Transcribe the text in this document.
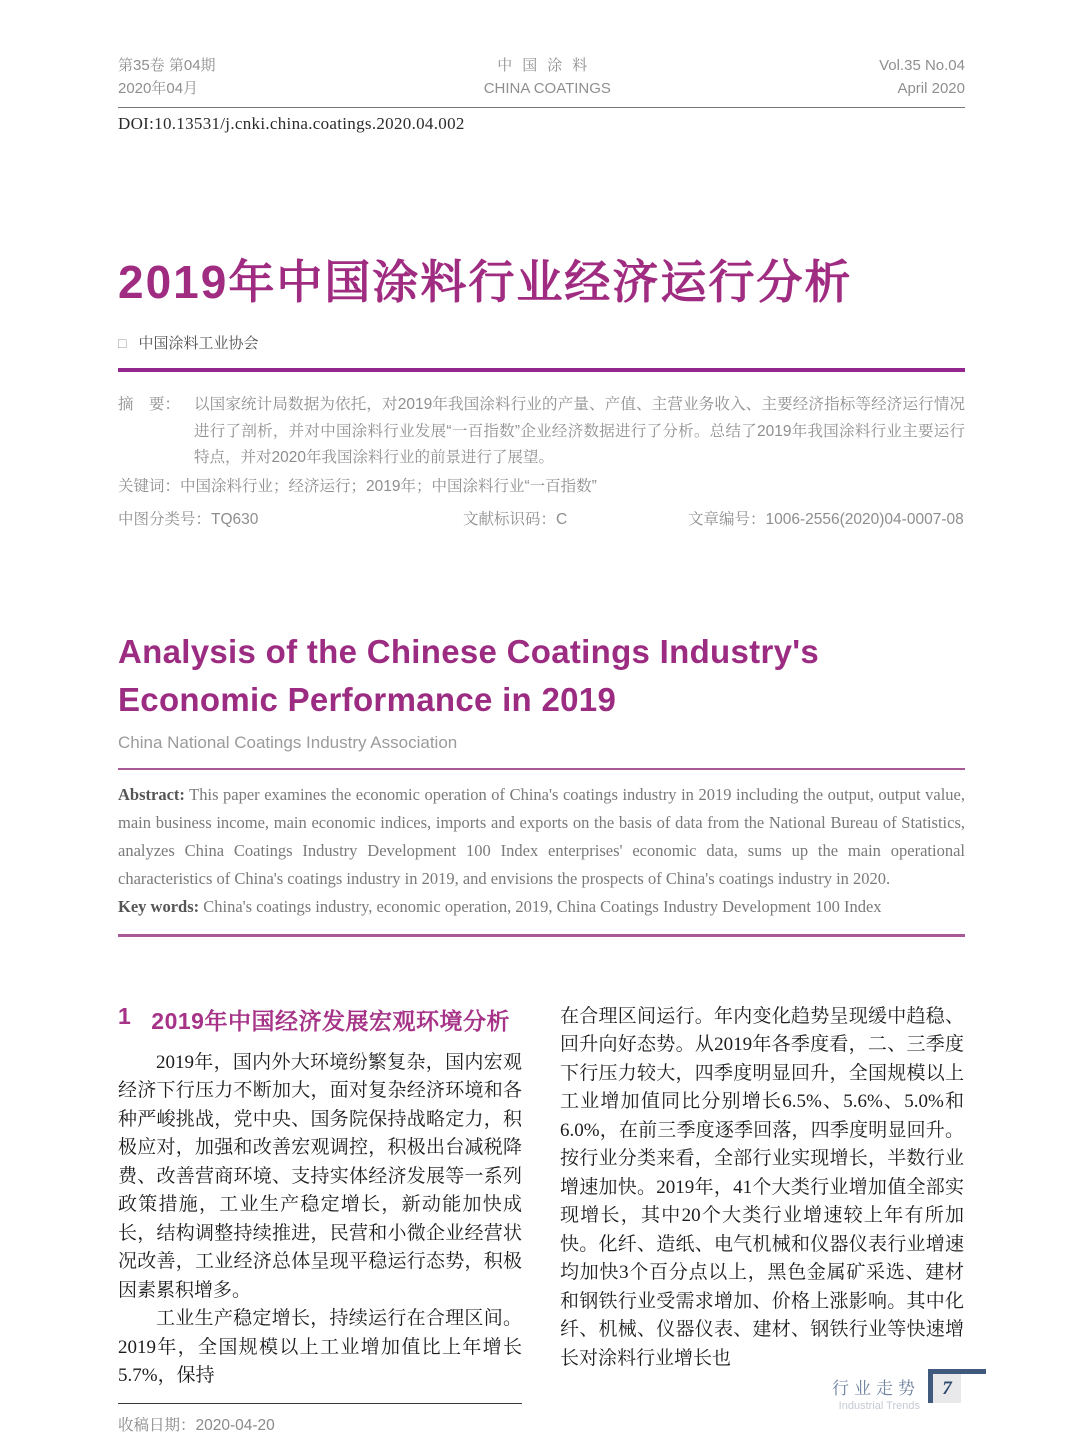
第35卷 第04期
2020年04月
中国涂料
CHINA COATINGS
Vol.35 No.04
April 2020
DOI:10.13531/j.cnki.china.coatings.2020.04.002
2019年中国涂料行业经济运行分析
□ 中国涂料工业协会
摘　要： 以国家统计局数据为依托，对2019年我国涂料行业的产量、产值、主营业务收入、主要经济指标等经济运行情况进行了剖析，并对中国涂料行业发展“一百指数”企业经济数据进行了分析。总结了2019年我国涂料行业主要运行特点，并对2020年我国涂料行业的前景进行了展望。
关键词：中国涂料行业；经济运行；2019年；中国涂料行业“一百指数”
中图分类号：TQ630	文献标识码：C	文章编号：1006-2556(2020)04-0007-08
Analysis of the Chinese Coatings Industry's Economic Performance in 2019
China National Coatings Industry Association

Abstract: This paper examines the economic operation of China's coatings industry in 2019 including the output, output value, main business income, main economic indices, imports and exports on the basis of data from the National Bureau of Statistics, analyzes China Coatings Industry Development 100 Index enterprises' economic data, sums up the main operational characteristics of China's coatings industry in 2019, and envisions the prospects of China's coatings industry in 2020.

Key words: China's coatings industry, economic operation, 2019, China Coatings Industry Development 100 Index

1 2019年中国经济发展宏观环境分析

2019年，国内外大环境纷繁复杂，国内宏观经济下行压力不断加大，面对复杂经济环境和各种严峻挑战，党中央、国务院保持战略定力，积极应对，加强和改善宏观调控，积极出台减税降费、改善营商环境、支持实体经济发展等一系列政策措施，工业生产稳定增长，新动能加快成长，结构调整持续推进，民营和小微企业经营状况改善，工业经济总体呈现平稳运行态势，积极因素累积增多。

工业生产稳定增长，持续运行在合理区间。2019年，全国规模以上工业增加值比上年增长5.7%，保持

收稿日期：2020-04-20

在合理区间运行。年内变化趋势呈现缓中趋稳、回升向好态势。从2019年各季度看，二、三季度下行压力较大，四季度明显回升，全国规模以上工业增加值同比分别增长6.5%、5.6%、5.0%和6.0%，在前三季度逐季回落，四季度明显回升。按行业分类来看，全部行业实现增长，半数行业增速加快。2019年，41个大类行业增加值全部实现增长，其中20个大类行业增速较上年有所加快。化纤、造纸、电气机械和仪器仪表行业增速均加快3个百分点以上，黑色金属矿采选、建材和钢铁行业受需求增加、价格上涨影响。其中化纤、机械、仪器仪表、建材、钢铁行业等快速增长对涂料行业增长也

行业走势
Industrial Trends
7
